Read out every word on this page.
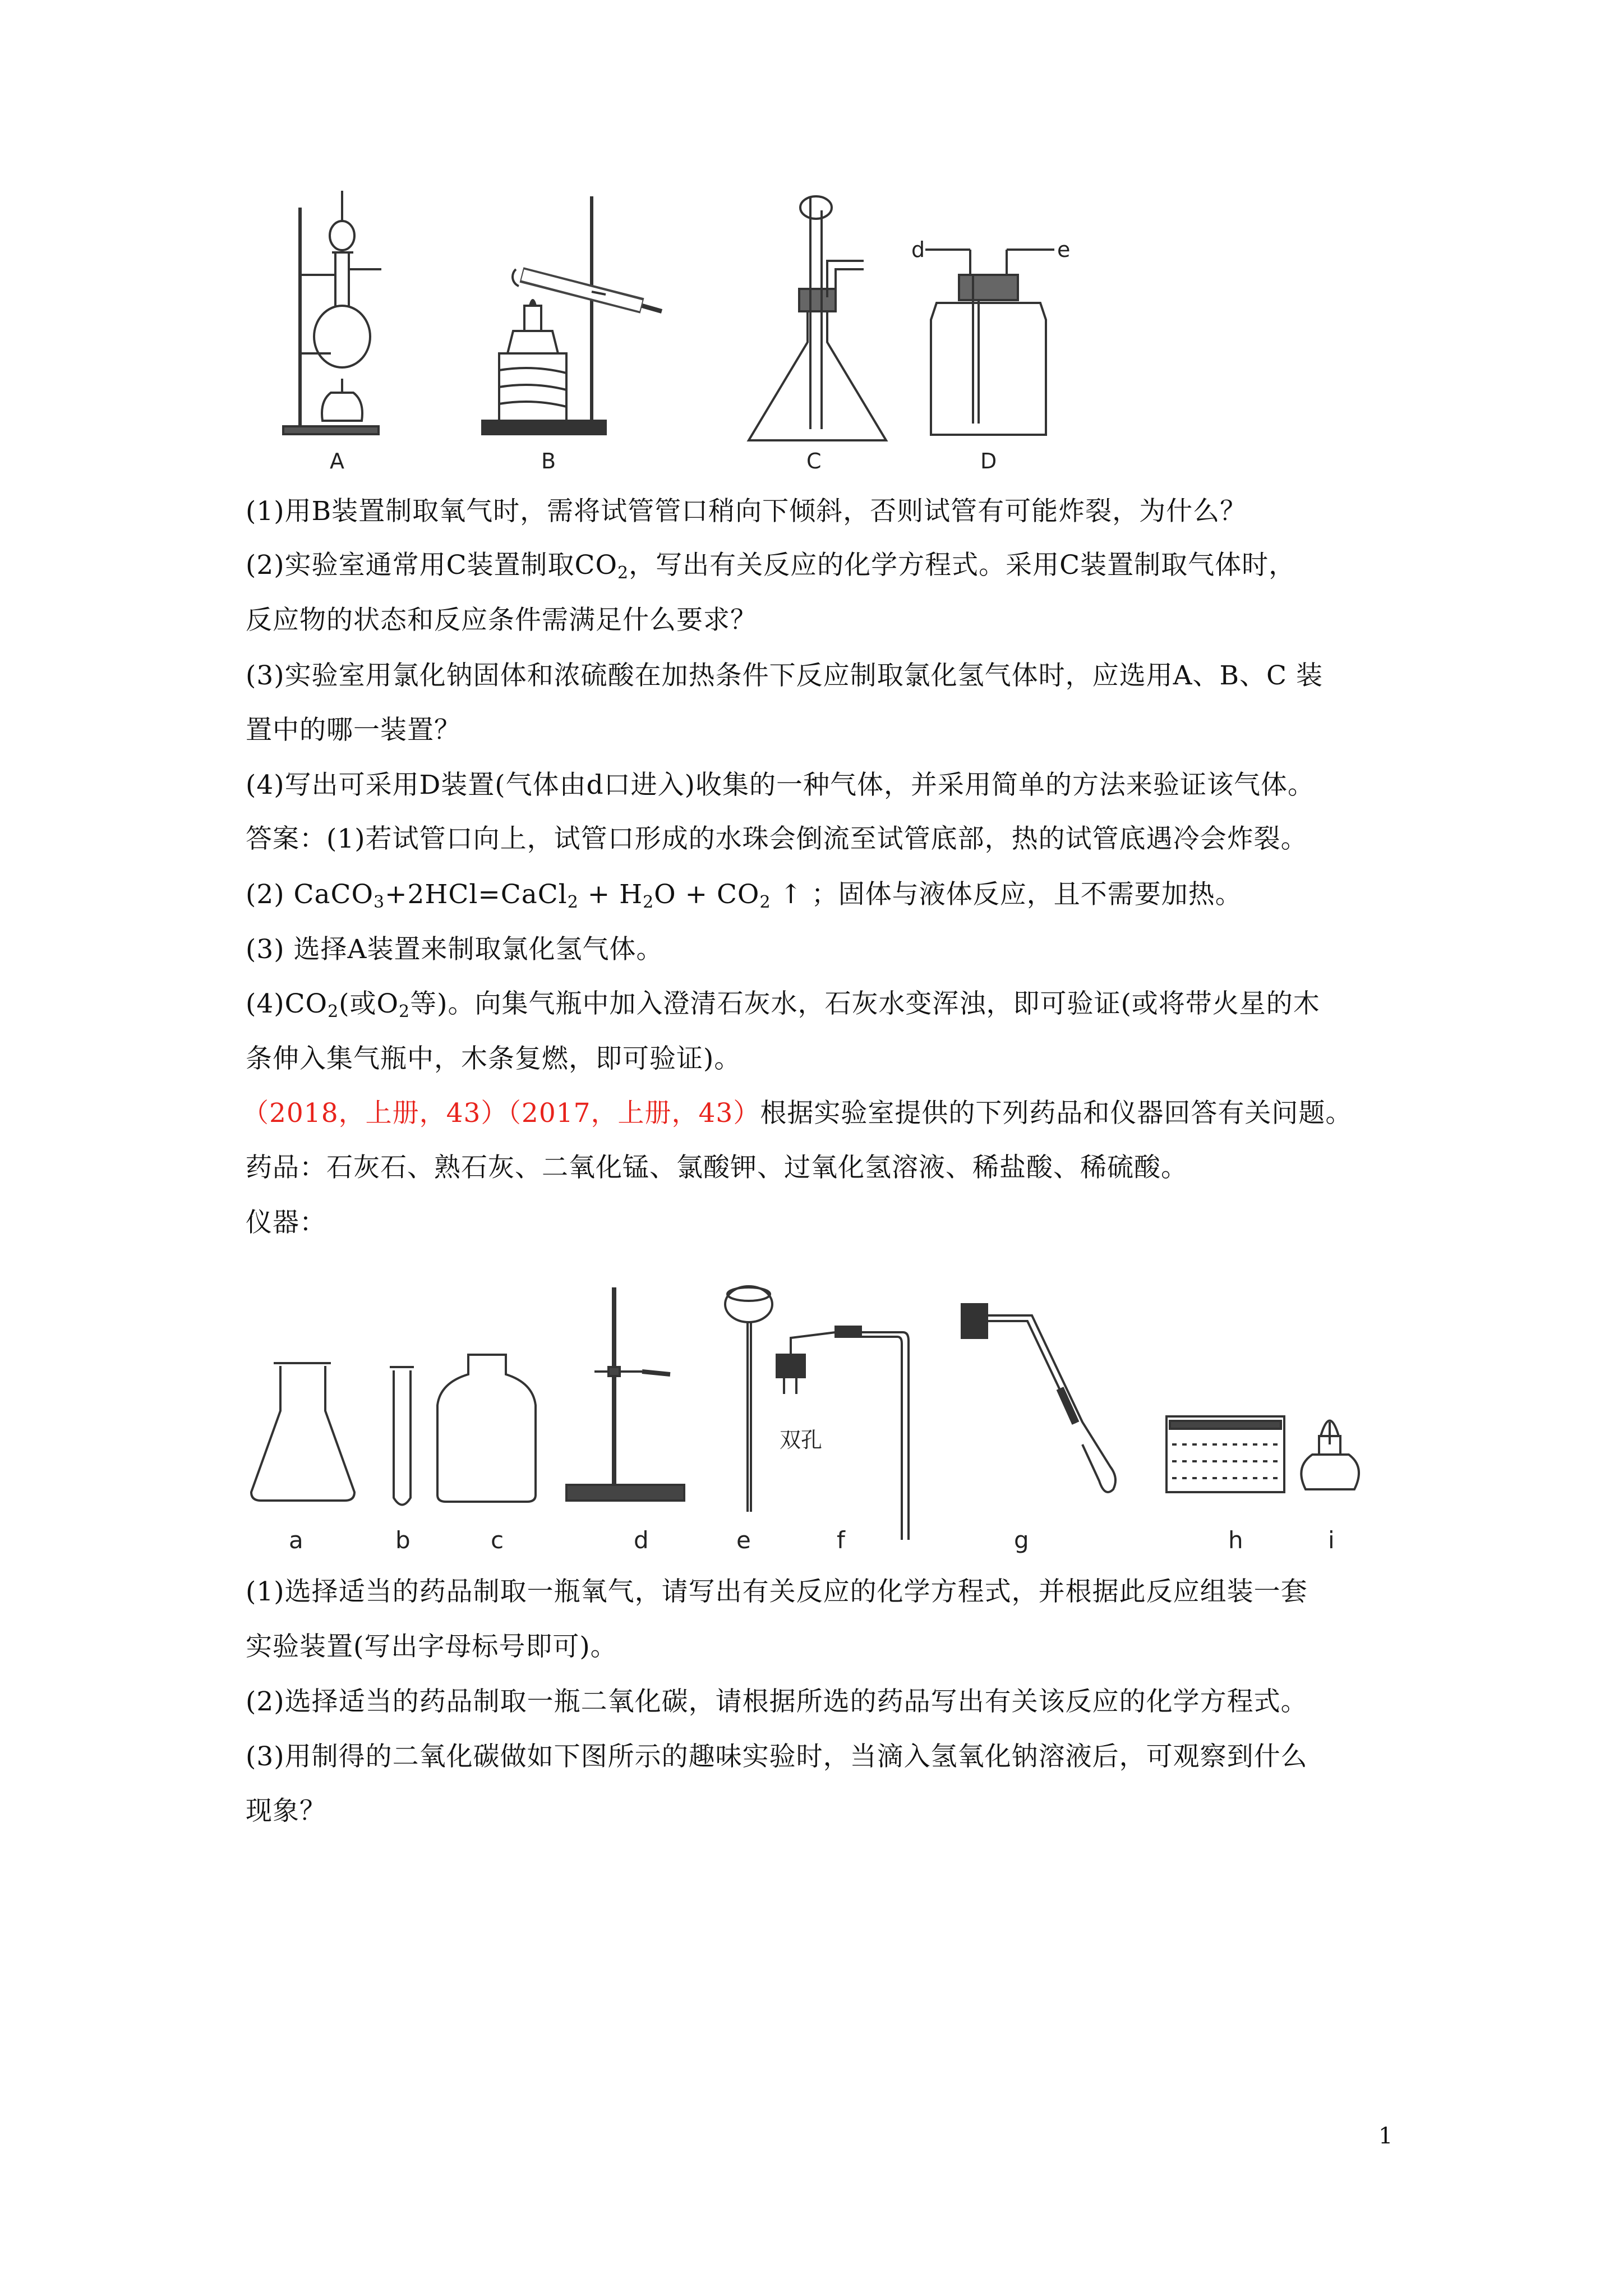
d	e
A	B	C	D
(1)用B装置制取氧气时，需将试管管口稍向下倾斜，否则试管有可能炸裂，为什么？
(2)实验室通常用C装置制取$CO_2$，写出有关反应的化学方程式。采用C装置制取气体时，
反应物的状态和反应条件需满足什么要求？
(3)实验室用氯化钠固体和浓硫酸在加热条件下反应制取氯化氢气体时，应选用A、B、C 装
置中的哪一装置？
(4)写出可采用D装置(气体由d口进入)收集的一种气体，并采用简单的方法来验证该气体。
答案：(1)若试管口向上，试管口形成的水珠会倒流至试管底部，热的试管底遇冷会炸裂。
(2) CaCO$_3$+2HCl=CaCl$_2$ + $H_2O + CO_2$ ↑ ；固体与液体反应，且不需要加热。
(3) 选择A装置来制取氯化氢气体。
$(4)CO_2$(或$O_2$等)。向集气瓶中加入澄清石灰水，石灰水变浑浊，即可验证(或将带火星的木
条伸入集气瓶中，木条复燃，即可验证)。
（2018，上册，43）（2017，上册，43）根据实验室提供的下列药品和仪器回答有关问题。
药品：石灰石、熟石灰、二氧化锰、氯酸钾、过氧化氢溶液、稀盐酸、稀硫酸。
仪器：
双孔
a	b	c	d	e	f	g	h	i
(1)选择适当的药品制取一瓶氧气，请写出有关反应的化学方程式，并根据此反应组装一套
实验装置(写出字母标号即可)。
(2)选择适当的药品制取一瓶二氧化碳，请根据所选的药品写出有关该反应的化学方程式。
(3)用制得的二氧化碳做如下图所示的趣味实验时，当滴入氢氧化钠溶液后，可观察到什么
现象？
1
